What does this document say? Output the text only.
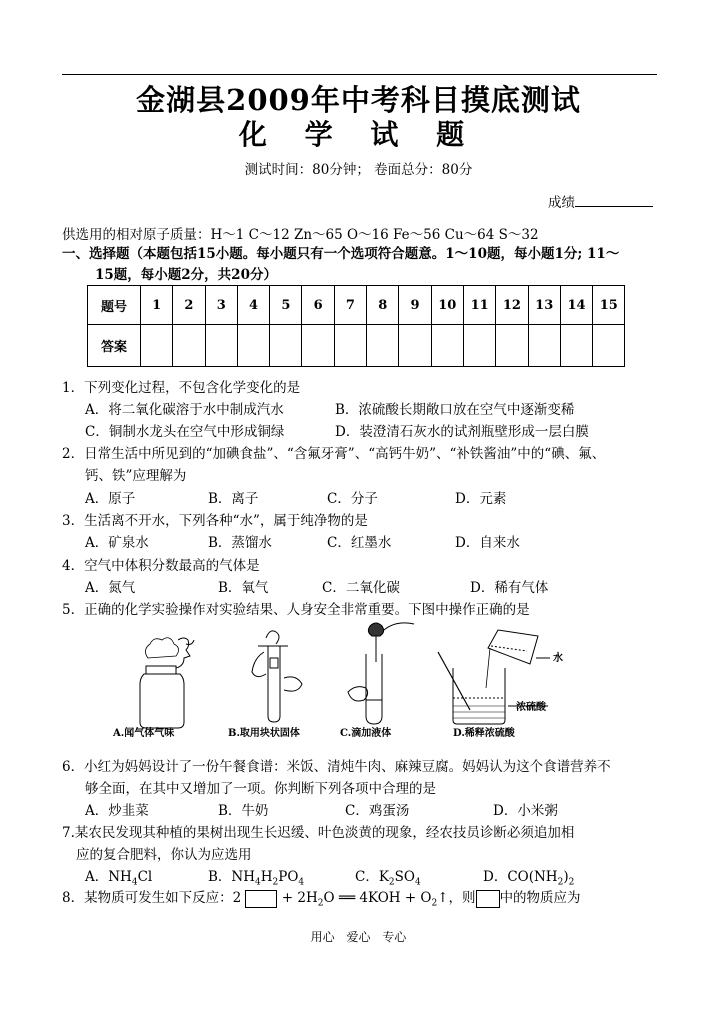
金湖县2009年中考科目摸底测试
化 学 试 题
测试时间：80分钟； 卷面总分：80分
成绩
供选用的相对原子质量：H～1 C～12 Zn～65 O～16 Fe～56 Cu～64 S～32
一、选择题（本题包括15小题。每小题只有一个选项符合题意。1～10题，每小题1分; 11～
15题，每小题2分，共20分）
题号	1	2	3	4	5	6	7	8	9	10	11	12	13	14	15
答案															
1．下列变化过程，不包含化学变化的是
A．将二氧化碳溶于水中制成汽水	B．浓硫酸长期敞口放在空气中逐渐变稀
C．铜制水龙头在空气中形成铜绿	D．装澄清石灰水的试剂瓶壁形成一层白膜
2．日常生活中所见到的“加碘食盐”、“含氟牙膏”、“高钙牛奶”、“补铁酱油”中的“碘、氟、
钙、铁”应理解为
A．原子	B．离子	C．分子	D．元素
3．生活离不开水，下列各种“水”，属于纯净物的是
A．矿泉水	B．蒸馏水	C．红墨水	D．自来水
4．空气中体积分数最高的气体是
A．氮气	B．氧气	C．二氧化碳	D．稀有气体
5．正确的化学实验操作对实验结果、人身安全非常重要。下图中操作正确的是
A.闻气体气味	B.取用块状固体	C.滴加液体
水
浓硫酸
D.稀释浓硫酸
6．小红为妈妈设计了一份午餐食谱：米饭、清炖牛肉、麻辣豆腐。妈妈认为这个食谱营养不
够全面，在其中又增加了一项。你判断下列各项中合理的是
A．炒韭菜	B．牛奶	C．鸡蛋汤	D．小米粥
7.某农民发现其种植的果树出现生长迟缓、叶色淡黄的现象，经农技员诊断必须追加相
应的复合肥料，你认为应选用
A．$NH_4Cl$	B．$NH_4H_2PO_4$	C．$K_2SO_4$	D．$CO(NH_2)_2$
8．某物质可发生如下反应：2	+ $2H_2O$ ══ $4KOH + O_2↑$，则 中的物质应为
用心 爱心 专心
